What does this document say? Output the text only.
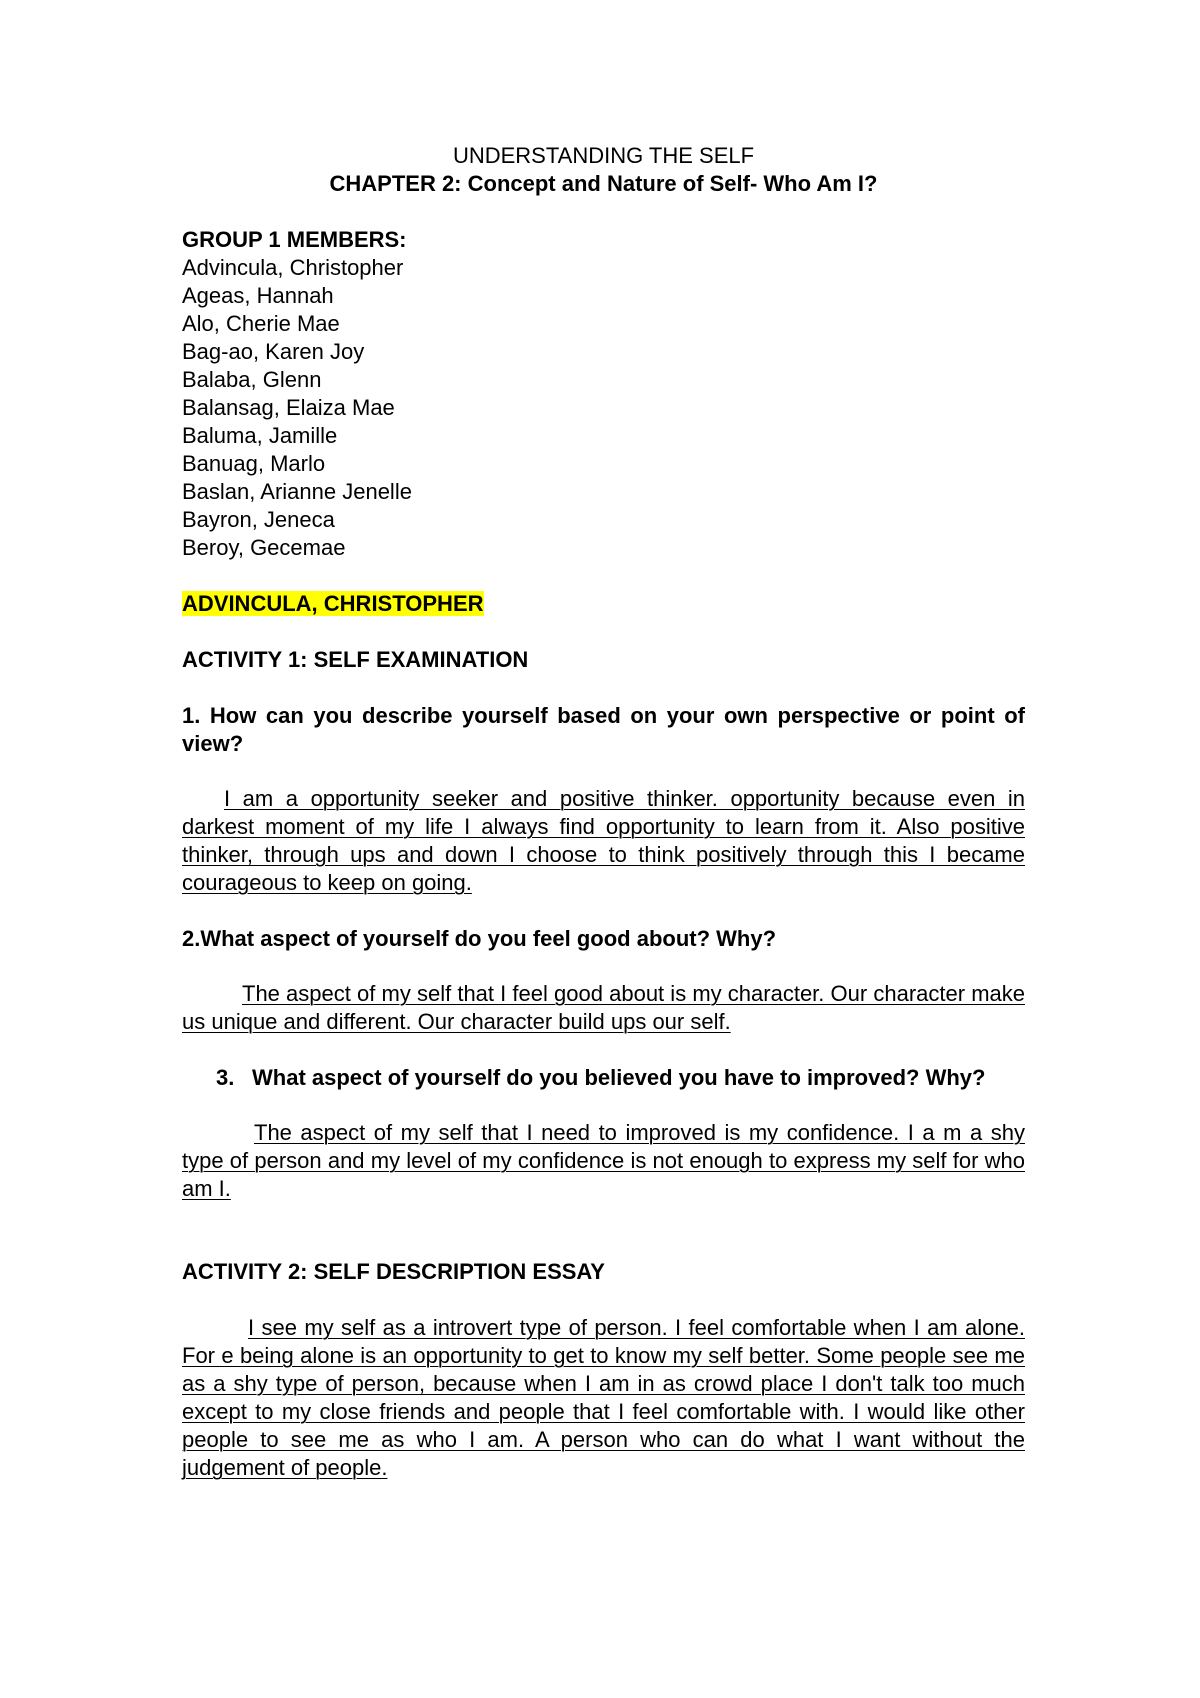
UNDERSTANDING THE SELF

CHAPTER 2: Concept and Nature of Self- Who Am I?

GROUP 1 MEMBERS:

Advincula, Christopher
Ageas, Hannah
Alo, Cherie Mae
Bag-ao, Karen Joy
Balaba, Glenn
Balansag, Elaiza Mae
Baluma, Jamille
Banuag, Marlo
Baslan, Arianne Jenelle
Bayron, Jeneca
Beroy, Gecemae

ADVINCULA, CHRISTOPHER

ACTIVITY 1: SELF EXAMINATION

1. How can you describe yourself based on your own perspective or point of view?

I am a opportunity seeker and positive thinker. opportunity because even in darkest moment of my life I always find opportunity to learn from it. Also positive thinker, through ups and down I choose to think positively through this I became courageous to keep on going.

2.What aspect of yourself do you feel good about? Why?

The aspect of my self that I feel good about is my character. Our character make us unique and different. Our character build ups our self.

3. What aspect of yourself do you believed you have to improved? Why?

The aspect of my self that I need to improved is my confidence. I a m a shy type of person and my level of my confidence is not enough to express my self for who am I.

ACTIVITY 2: SELF DESCRIPTION ESSAY

I see my self as a introvert type of person. I feel comfortable when I am alone. For e being alone is an opportunity to get to know my self better. Some people see me as a shy type of person, because when I am in as crowd place I don't talk too much except to my close friends and people that I feel comfortable with. I would like other people to see me as who I am. A person who can do what I want without the judgement of people.
